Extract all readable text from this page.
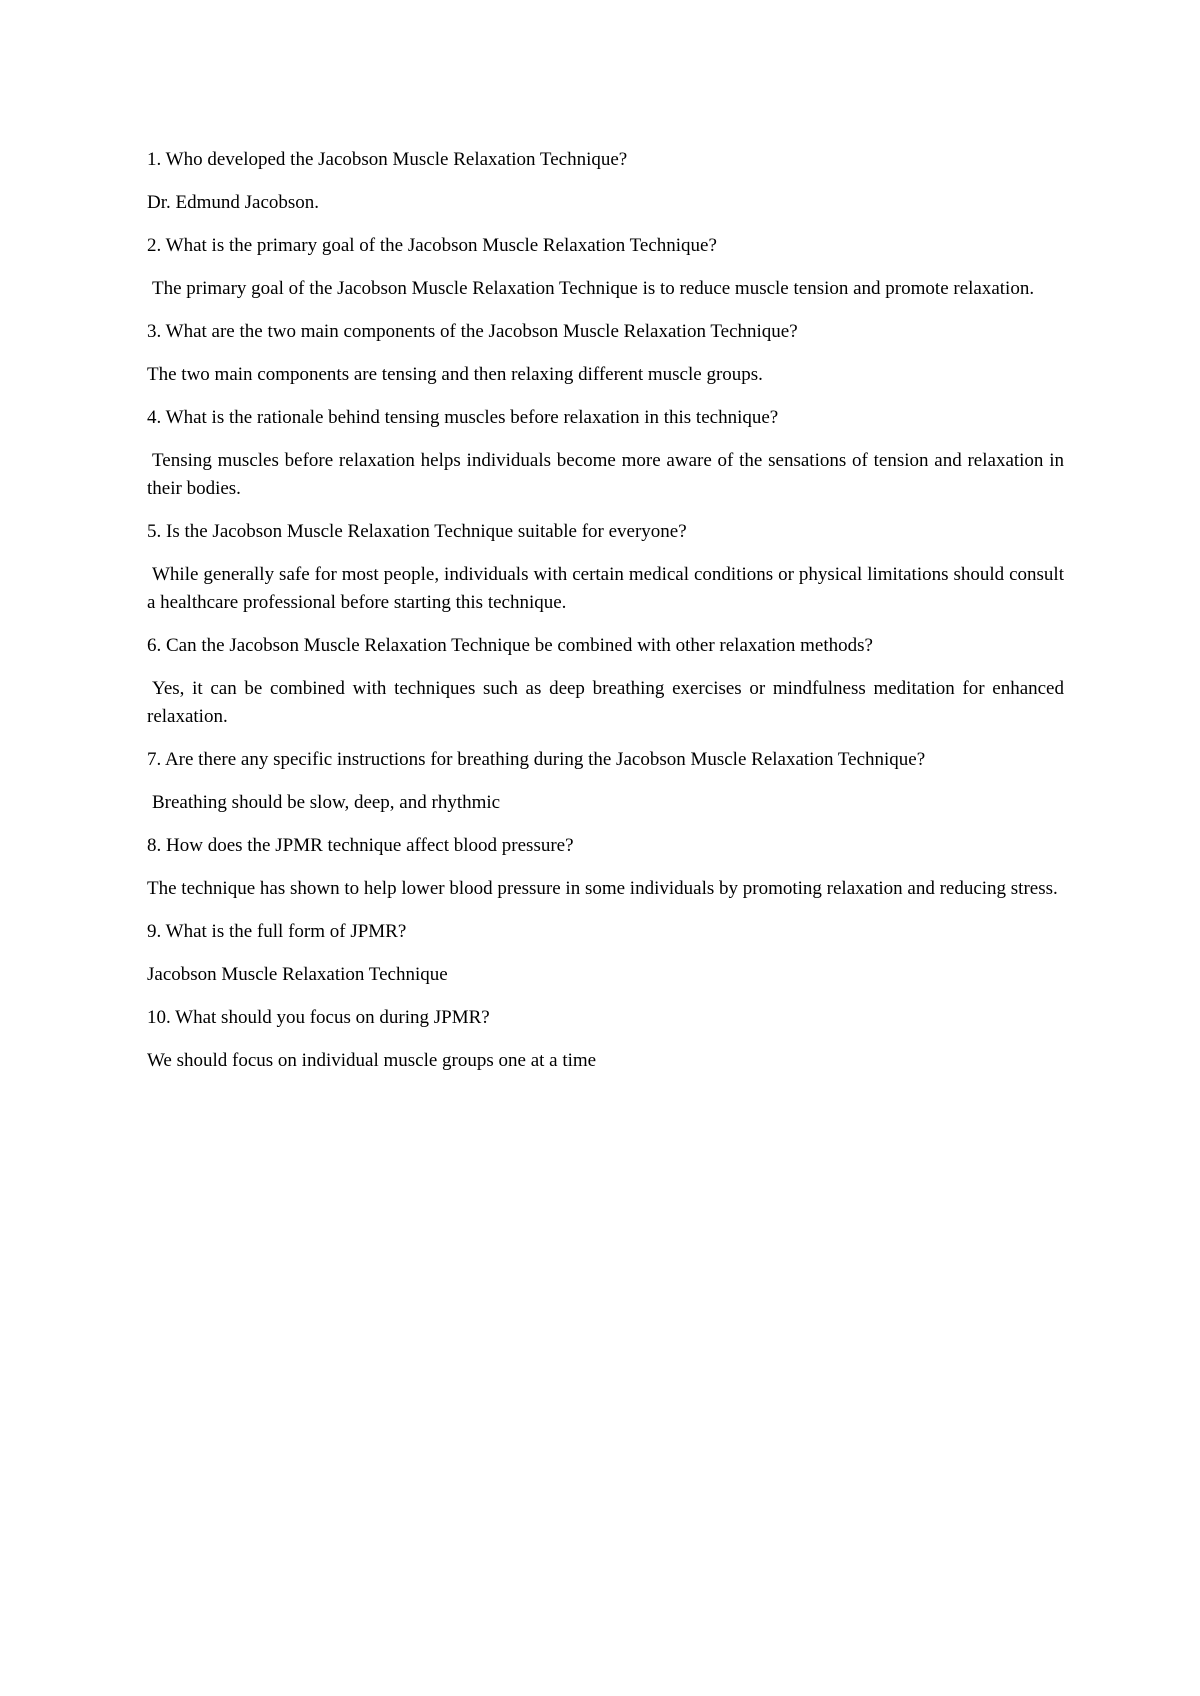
1. Who developed the Jacobson Muscle Relaxation Technique?

Dr. Edmund Jacobson.

2. What is the primary goal of the Jacobson Muscle Relaxation Technique?

The primary goal of the Jacobson Muscle Relaxation Technique is to reduce muscle tension and promote relaxation.

3. What are the two main components of the Jacobson Muscle Relaxation Technique?

The two main components are tensing and then relaxing different muscle groups.

4. What is the rationale behind tensing muscles before relaxation in this technique?

Tensing muscles before relaxation helps individuals become more aware of the sensations of tension and relaxation in their bodies.

5. Is the Jacobson Muscle Relaxation Technique suitable for everyone?

While generally safe for most people, individuals with certain medical conditions or physical limitations should consult a healthcare professional before starting this technique.

6. Can the Jacobson Muscle Relaxation Technique be combined with other relaxation methods?

Yes, it can be combined with techniques such as deep breathing exercises or mindfulness meditation for enhanced relaxation.

7. Are there any specific instructions for breathing during the Jacobson Muscle Relaxation Technique?

Breathing should be slow, deep, and rhythmic

8. How does the JPMR technique affect blood pressure?

The technique has shown to help lower blood pressure in some individuals by promoting relaxation and reducing stress.

9. What is the full form of JPMR?

Jacobson Muscle Relaxation Technique

10. What should you focus on during JPMR?

We should focus on individual muscle groups one at a time
